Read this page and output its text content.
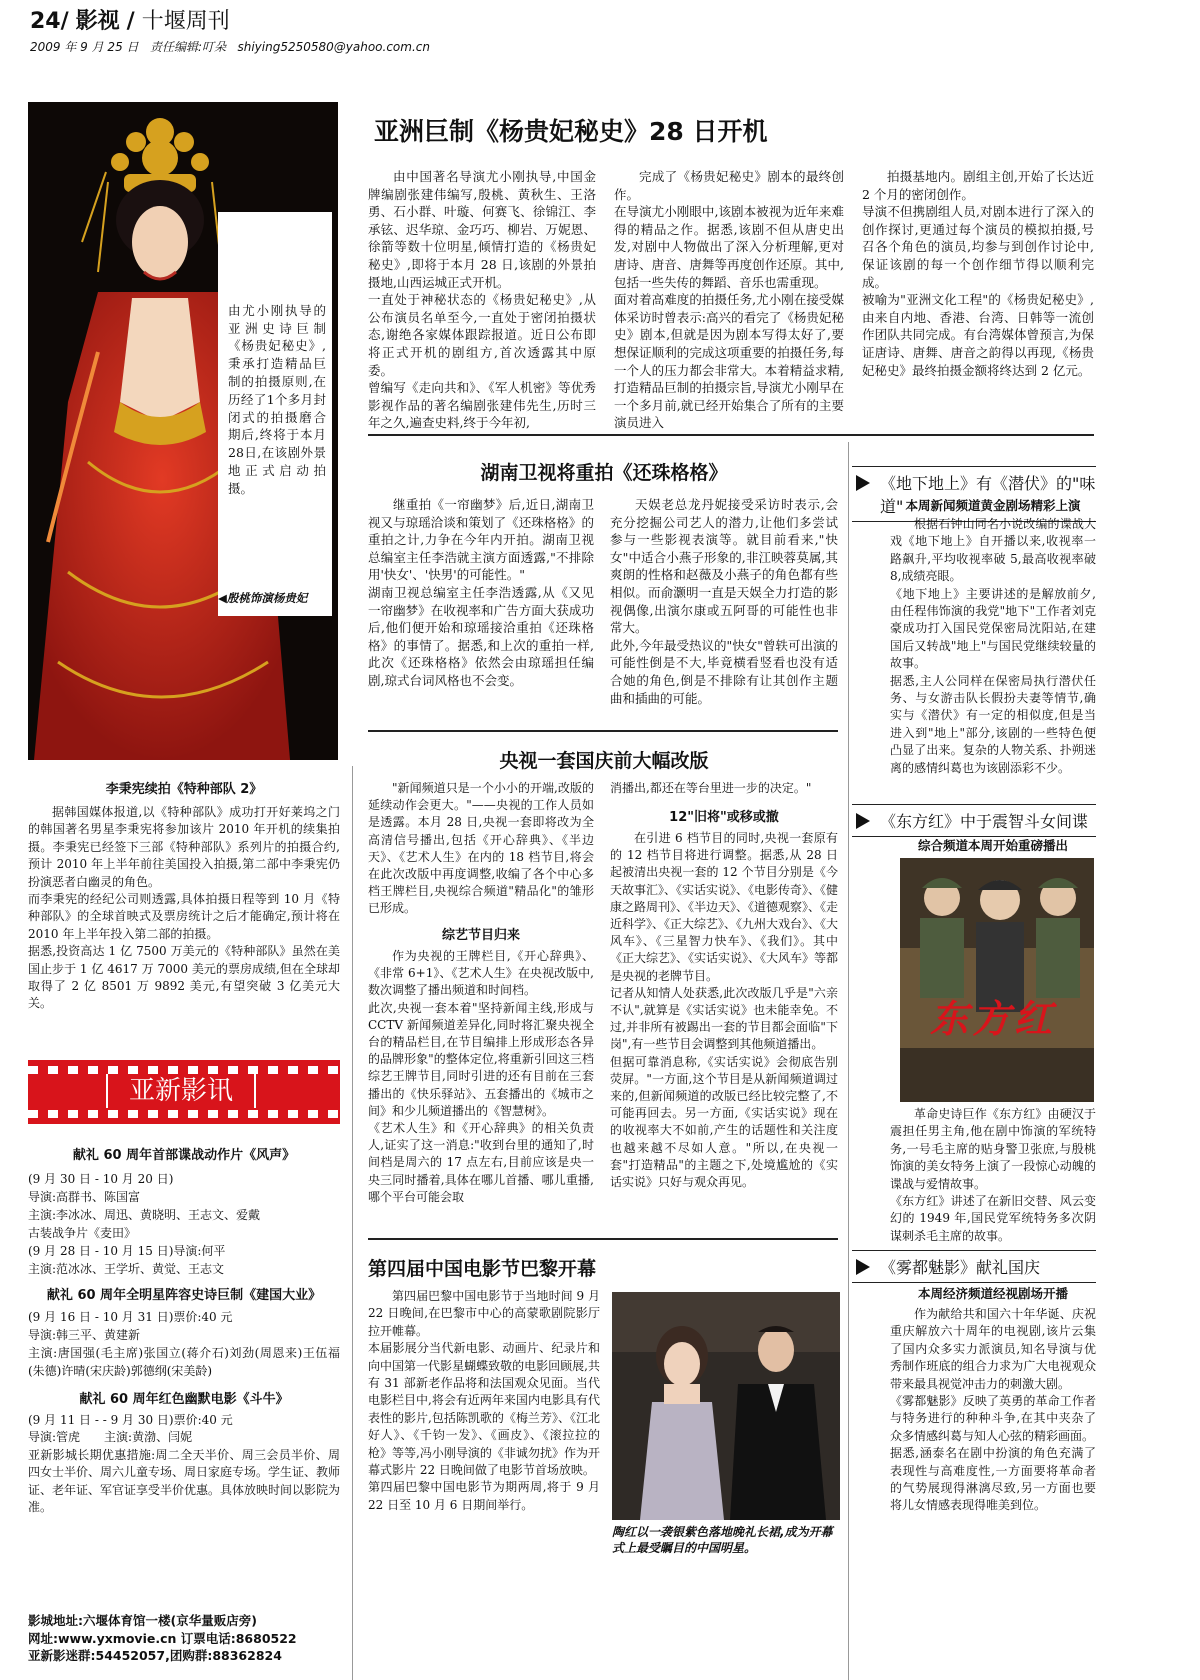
24/ 影视 / 十堰周刊
2009 年 9 月 25 日 责任编辑:叮朵 shiying5250580@yahoo.com.cn

由尤小刚执导的亚洲史诗巨制《杨贵妃秘史》,秉承打造精品巨制的拍摄原则,在历经了1个多月封闭式的拍摄磨合期后,终将于本月28日,在该剧外景地正式启动拍摄。

◀殷桃饰演杨贵妃
亚洲巨制《杨贵妃秘史》28 日开机
由中国著名导演尤小刚执导,中国金牌编剧张建伟编写,殷桃、黄秋生、王洛勇、石小群、叶璇、何赛飞、徐锦江、李承铉、迟华琼、金巧巧、柳岩、万妮恩、徐箭等数十位明星,倾情打造的《杨贵妃秘史》,即将于本月 28 日,该剧的外景拍摄地,山西运城正式开机。
一直处于神秘状态的《杨贵妃秘史》,从公布演员名单至今,一直处于密闭拍摄状态,谢绝各家媒体跟踪报道。近日公布即将正式开机的剧组方,首次透露其中原委。
曾编写《走向共和》、《军人机密》等优秀影视作品的著名编剧张建伟先生,历时三年之久,遍查史料,终于今年初,
完成了《杨贵妃秘史》剧本的最终创作。
在导演尤小刚眼中,该剧本被视为近年来难得的精品之作。据悉,该剧不但从唐史出发,对剧中人物做出了深入分析理解,更对唐诗、唐音、唐舞等再度创作还原。其中,包括一些失传的舞蹈、音乐也需重现。
面对着高难度的拍摄任务,尤小刚在接受媒体采访时曾表示:高兴的看完了《杨贵妃秘史》剧本,但就是因为剧本写得太好了,要想保证顺利的完成这项重要的拍摄任务,每一个人的压力都会非常大。本着精益求精,打造精品巨制的拍摄宗旨,导演尤小刚早在一个多月前,就已经开始集合了所有的主要演员进入
拍摄基地内。剧组主创,开始了长达近 2 个月的密闭创作。
导演不但携剧组人员,对剧本进行了深入的创作探讨,更通过每个演员的模拟拍摄,号召各个角色的演员,均参与到创作讨论中,保证该剧的每一个创作细节得以顺利完成。
被喻为"亚洲文化工程"的《杨贵妃秘史》,由来自内地、香港、台湾、日韩等一流创作团队共同完成。有台湾媒体曾预言,为保证唐诗、唐舞、唐音之韵得以再现,《杨贵妃秘史》最终拍摄金额将终达到 2 亿元。
湖南卫视将重拍《还珠格格》
继重拍《一帘幽梦》后,近日,湖南卫视又与琼瑶洽谈和策划了《还珠格格》的重拍之计,力争在今年内开拍。湖南卫视总编室主任李浩就主演方面透露,"不排除用'快女'、'快男'的可能性。"
湖南卫视总编室主任李浩透露,从《又见一帘幽梦》在收视率和广告方面大获成功后,他们便开始和琼瑶接洽重拍《还珠格格》的事情了。据悉,和上次的重拍一样,此次《还珠格格》依然会由琼瑶担任编剧,琼式台词风格也不会变。
天娱老总龙丹妮接受采访时表示,会充分挖掘公司艺人的潜力,让他们多尝试参与一些影视表演等。就目前看来,"快女"中适合小燕子形象的,非江映蓉莫属,其爽朗的性格和赵薇及小燕子的角色都有些相似。而俞灏明一直是天娱全力打造的影视偶像,出演尔康或五阿哥的可能性也非常大。
此外,今年最受热议的"快女"曾轶可出演的可能性倒是不大,毕竟横看竖看也没有适合她的角色,倒是不排除有让其创作主题曲和插曲的可能。
央视一套国庆前大幅改版
"新闻频道只是一个小小的开端,改版的延续动作会更大。"——央视的工作人员如是透露。本月 28 日,央视一套即将改为全高清信号播出,包括《开心辞典》、《半边天》、《艺术人生》在内的 18 档节目,将会在此次改版中再度调整,收编了各个中心多档王牌栏目,央视综合频道"精品化"的雏形已形成。
综艺节目归来
作为央视的王牌栏目,《开心辞典》、《非常 6+1》、《艺术人生》在央视改版中,数次调整了播出频道和时间档。
此次,央视一套本着"坚持新闻主线,形成与 CCTV 新闻频道差异化,同时将汇聚央视全台的精品栏目,在节目编排上形成形态各异的品牌形象"的整体定位,将重新引回这三档综艺王牌节目,同时引进的还有目前在三套播出的《快乐驿站》、五套播出的《城市之间》和少儿频道播出的《智慧树》。
《艺术人生》和《开心辞典》的相关负责人,证实了这一消息:"收到台里的通知了,时间档是周六的 17 点左右,目前应该是央一央三同时播着,具体在哪儿首播、哪儿重播,哪个平台可能会取
消播出,都还在等台里进一步的决定。"
12"旧将"或移或撤
在引进 6 档节目的同时,央视一套原有的 12 档节目将进行调整。据悉,从 28 日起被清出央视一套的 12 个节目分别是《今天故事汇》、《实话实说》、《电影传奇》、《健康之路周刊》、《半边天》、《道德观察》、《走近科学》、《正大综艺》、《九州大戏台》、《大风车》、《三星智力快车》、《我们》。其中《正大综艺》、《实话实说》、《大风车》等都是央视的老牌节目。
记者从知情人处获悉,此次改版几乎是"六亲不认",就算是《实话实说》也未能幸免。不过,并非所有被踢出一套的节目都会面临"下岗",有一些节目会调整到其他频道播出。
但据可靠消息称,《实话实说》会彻底告别荧屏。"一方面,这个节目是从新闻频道调过来的,但新闻频道的改版已经比较完整了,不可能再回去。另一方面,《实话实说》现在的收视率大不如前,产生的话题性和关注度也越来越不尽如人意。"所以,在央视一套"打造精品"的主题之下,处境尴尬的《实话实说》只好与观众再见。
第四届中国电影节巴黎开幕
第四届巴黎中国电影节于当地时间 9 月 22 日晚间,在巴黎市中心的高蒙歌剧院影厅拉开帷幕。
本届影展分当代新电影、动画片、纪录片和向中国第一代影星蝴蝶致敬的电影回顾展,共有 31 部新老作品将和法国观众见面。当代电影栏目中,将会有近两年来国内电影具有代表性的影片,包括陈凯歌的《梅兰芳》、《江北好人》、《千钧一发》、《画皮》、《滚拉拉的枪》等等,冯小刚导演的《非诚勿扰》作为开幕式影片 22 日晚间做了电影节首场放映。
第四届巴黎中国电影节为期两周,将于 9 月 22 日至 10 月 6 日期间举行。
陶红以一袭银紫色落地晚礼长裙,成为开幕式上最受瞩目的中国明星。
李秉宪续拍《特种部队 2》
据韩国媒体报道,以《特种部队》成功打开好莱坞之门的韩国著名男星李秉宪将参加该片 2010 年开机的续集拍摄。李秉宪已经签下三部《特种部队》系列片的拍摄合约,预计 2010 年上半年前往美国投入拍摄,第二部中李秉宪仍扮演恶者白幽灵的角色。
而李秉宪的经纪公司则透露,具体拍摄日程等到 10 月《特种部队》的全球首映式及票房统计之后才能确定,预计将在 2010 年上半年投入第二部的拍摄。
据悉,投资高达 1 亿 7500 万美元的《特种部队》虽然在美国止步于 1 亿 4617 万 7000 美元的票房成绩,但在全球却取得了 2 亿 8501 万 9892 美元,有望突破 3 亿美元大关。
亚新影讯
献礼 60 周年首部谍战动作片《风声》
(9 月 30 日 - 10 月 20 日)
导演:高群书、陈国富
主演:李冰冰、周迅、黄晓明、王志文、爱戴
古装战争片《麦田》
(9 月 28 日 - 10 月 15 日)导演:何平
主演:范冰冰、王学圻、黄觉、王志文
献礼 60 周年全明星阵容史诗巨制《建国大业》
(9 月 16 日 - 10 月 31 日)票价:40 元
导演:韩三平、黄建新
主演:唐国强(毛主席)张国立(蒋介石)刘劲(周恩来)王伍福(朱德)许晴(宋庆龄)郭德纲(宋美龄)
献礼 60 周年红色幽默电影《斗牛》
(9 月 11 日 - - 9 月 30 日)票价:40 元
导演:管虎　　主演:黄渤、闫妮
亚新影城长期优惠措施:周二全天半价、周三会员半价、周四女士半价、周六儿童专场、周日家庭专场。学生证、教师证、老年证、军官证享受半价优惠。具体放映时间以影院为准。
影城地址:六堰体育馆一楼(京华量贩店旁)
网址:www.yxmovie.cn 订票电话:8680522
亚新影迷群:54452057,团购群:88362824
《地下地上》有《潜伏》的"味道" 本周新闻频道黄金剧场精彩上演
根据石钟山同名小说改编的谍战大戏《地下地上》自开播以来,收视率一路飙升,平均收视率破 5,最高收视率破 8,成绩亮眼。
《地下地上》主要讲述的是解放前夕,由任程伟饰演的我党"地下"工作者刘克豪成功打入国民党保密局沈阳站,在建国后又转战"地上"与国民党继续较量的故事。
据悉,主人公同样在保密局执行潜伏任务、与女游击队长假扮夫妻等情节,确实与《潜伏》有一定的相似度,但是当进入到"地上"部分,该剧的一些特色便凸显了出来。复杂的人物关系、扑朔迷离的感情纠葛也为该剧添彩不少。
《东方红》中于震智斗女间谍
综合频道本周开始重磅播出
东方红
革命史诗巨作《东方红》由硬汉于震担任男主角,他在剧中饰演的军统特务,一号毛主席的贴身警卫张庶,与殷桃饰演的美女特务上演了一段惊心动魄的谍战与爱情故事。
《东方红》讲述了在新旧交替、风云变幻的 1949 年,国民党军统特务多次阴谋刺杀毛主席的故事。
《雾都魅影》献礼国庆
本周经济频道经视剧场开播
作为献给共和国六十年华诞、庆祝重庆解放六十周年的电视剧,该片云集了国内众多实力派演员,知名导演与优秀制作班底的组合力求为广大电视观众带来最具视觉冲击力的刺激大剧。
《雾都魅影》反映了英勇的革命工作者与特务进行的种种斗争,在其中夹杂了众多情感纠葛与知人心弦的精彩画面。
据悉,涵泰名在剧中扮演的角色充满了表现性与高难度性,一方面要将革命者的气势展现得淋漓尽致,另一方面也要将儿女情感表现得唯美到位。
